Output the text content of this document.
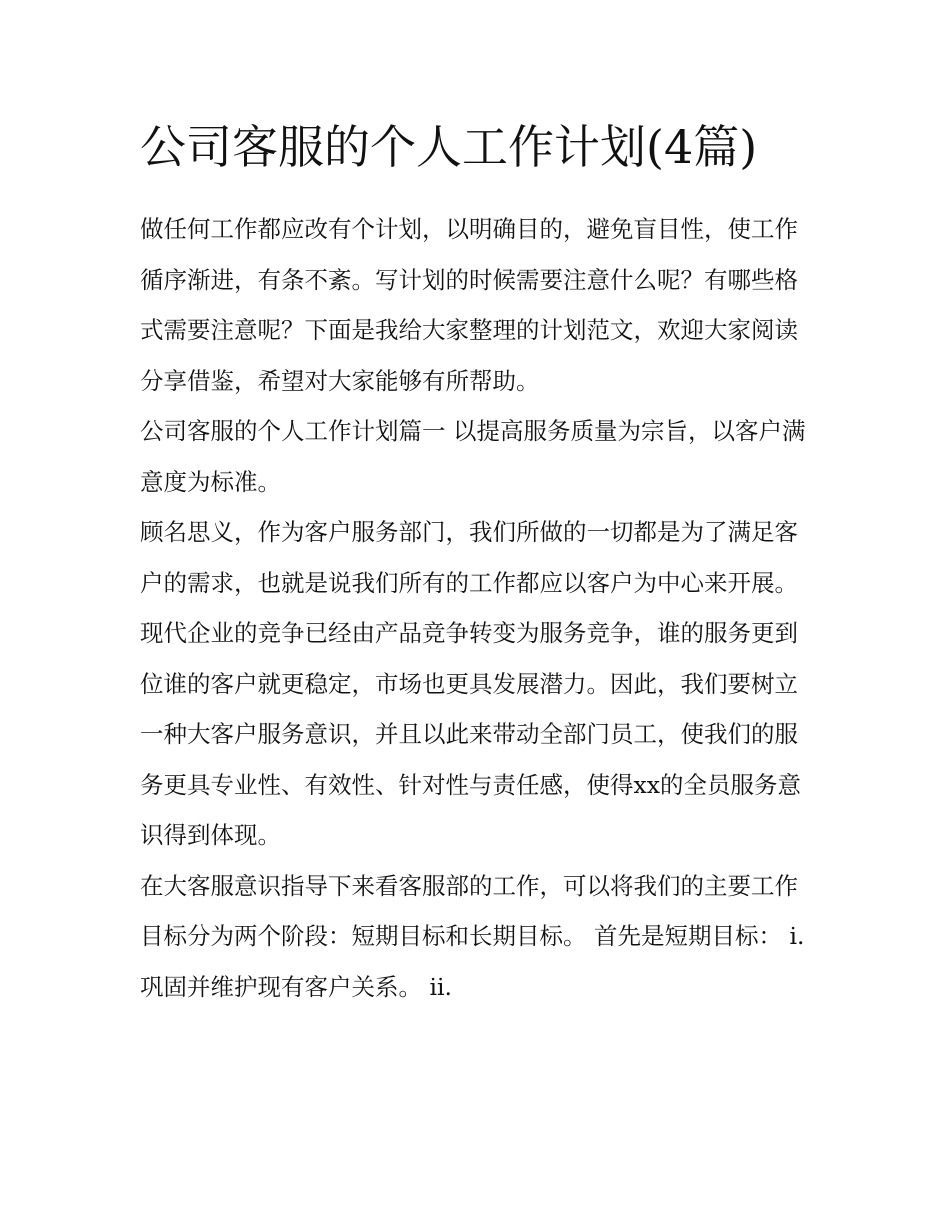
公司客服的个人工作计划(4篇)

做任何工作都应改有个计划，以明确目的，避免盲目性，使工作循序渐进，有条不紊。写计划的时候需要注意什么呢？有哪些格式需要注意呢？下面是我给大家整理的计划范文，欢迎大家阅读分享借鉴，希望对大家能够有所帮助。

公司客服的个人工作计划篇一 以提高服务质量为宗旨，以客户满意度为标准。

顾名思义，作为客户服务部门，我们所做的一切都是为了满足客户的需求，也就是说我们所有的工作都应以客户为中心来开展。现代企业的竞争已经由产品竞争转变为服务竞争，谁的服务更到位谁的客户就更稳定，市场也更具发展潜力。因此，我们要树立一种大客户服务意识，并且以此来带动全部门员工，使我们的服务更具专业性、有效性、针对性与责任感，使得xx的全员服务意识得到体现。

在大客服意识指导下来看客服部的工作，可以将我们的主要工作目标分为两个阶段：短期目标和长期目标。 首先是短期目标： i. 巩固并维护现有客户关系。 ii.
